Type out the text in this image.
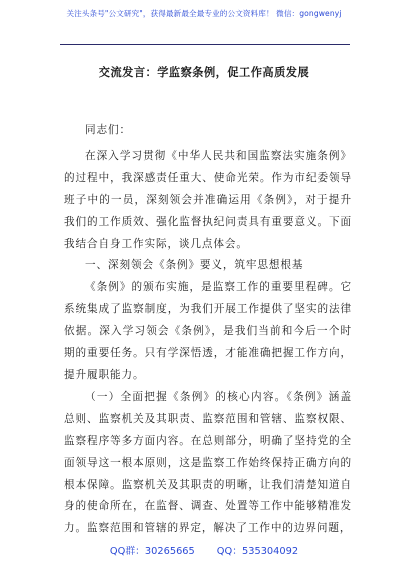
关注头条号"公文研究"，获得最新最全最专业的公文资料库！ 微信：gongwenyj
交流发言：学监察条例，促工作高质发展

同志们：

在深入学习贯彻《中华人民共和国监察法实施条例》的过程中，我深感责任重大、使命光荣。作为市纪委领导班子中的一员，深刻领会并准确运用《条例》，对于提升我们的工作质效、强化监督执纪问责具有重要意义。下面我结合自身工作实际，谈几点体会。

一、深刻领会《条例》要义，筑牢思想根基

《条例》的颁布实施，是监察工作的重要里程碑。它系统集成了监察制度，为我们开展工作提供了坚实的法律依据。深入学习领会《条例》，是我们当前和今后一个时期的重要任务。只有学深悟透，才能准确把握工作方向，提升履职能力。

（一）全面把握《条例》的核心内容。《条例》涵盖总则、监察机关及其职责、监察范围和管辖、监察权限、监察程序等多方面内容。在总则部分，明确了坚持党的全面领导这一根本原则，这是监察工作始终保持正确方向的根本保障。监察机关及其职责的明晰，让我们清楚知道自身的使命所在，在监督、调查、处置等工作中能够精准发力。监察范围和管辖的界定，解决了工作中的边界问题，

QQ群：30265665 QQ：535304092
